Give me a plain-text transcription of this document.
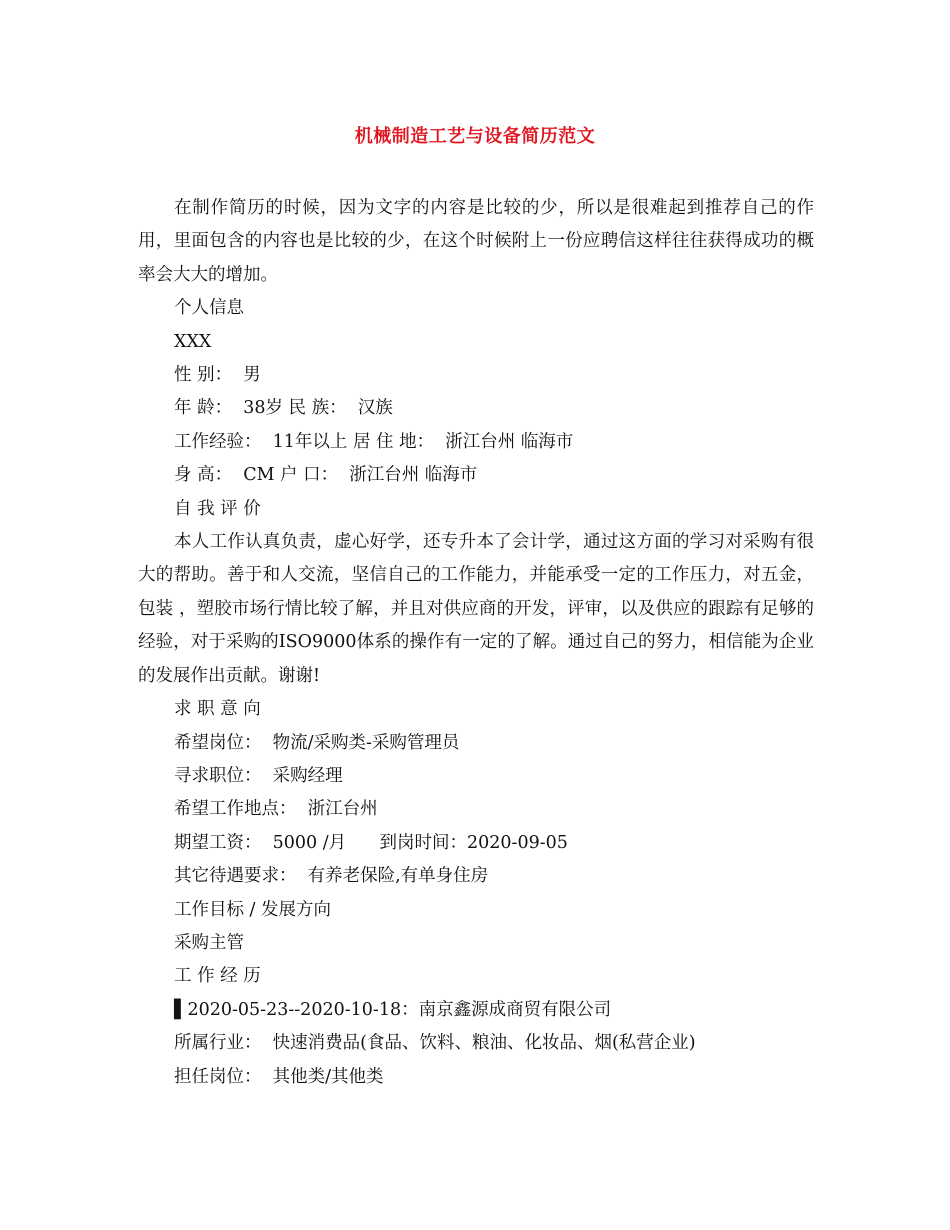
机械制造工艺与设备简历范文

在制作简历的时候，因为文字的内容是比较的少，所以是很难起到推荐自己的作用，里面包含的内容也是比较的少，在这个时候附上一份应聘信这样往往获得成功的概率会大大的增加。

个人信息

XXX

性 别：  男

年 龄：  38岁 民 族：  汉族

工作经验：  11年以上 居 住 地：  浙江台州 临海市

身 高：  CM 户 口：  浙江台州 临海市

自 我 评 价

本人工作认真负责，虚心好学，还专升本了会计学，通过这方面的学习对采购有很大的帮助。善于和人交流，坚信自己的工作能力，并能承受一定的工作压力，对五金，包装 ，塑胶市场行情比较了解，并且对供应商的开发，评审，以及供应的跟踪有足够的经验，对于采购的ISO9000体系的操作有一定的了解。通过自己的努力，相信能为企业的发展作出贡献。谢谢!

求 职 意 向

希望岗位：  物流/采购类-采购管理员

寻求职位：  采购经理

希望工作地点：  浙江台州

期望工资：  5000 /月      到岗时间：2020-09-05

其它待遇要求：  有养老保险,有单身住房

工作目标 / 发展方向

采购主管

工 作 经 历

▌2020-05-23--2020-10-18：南京鑫源成商贸有限公司

所属行业：  快速消费品(食品、饮料、粮油、化妆品、烟(私营企业)

担任岗位：  其他类/其他类
